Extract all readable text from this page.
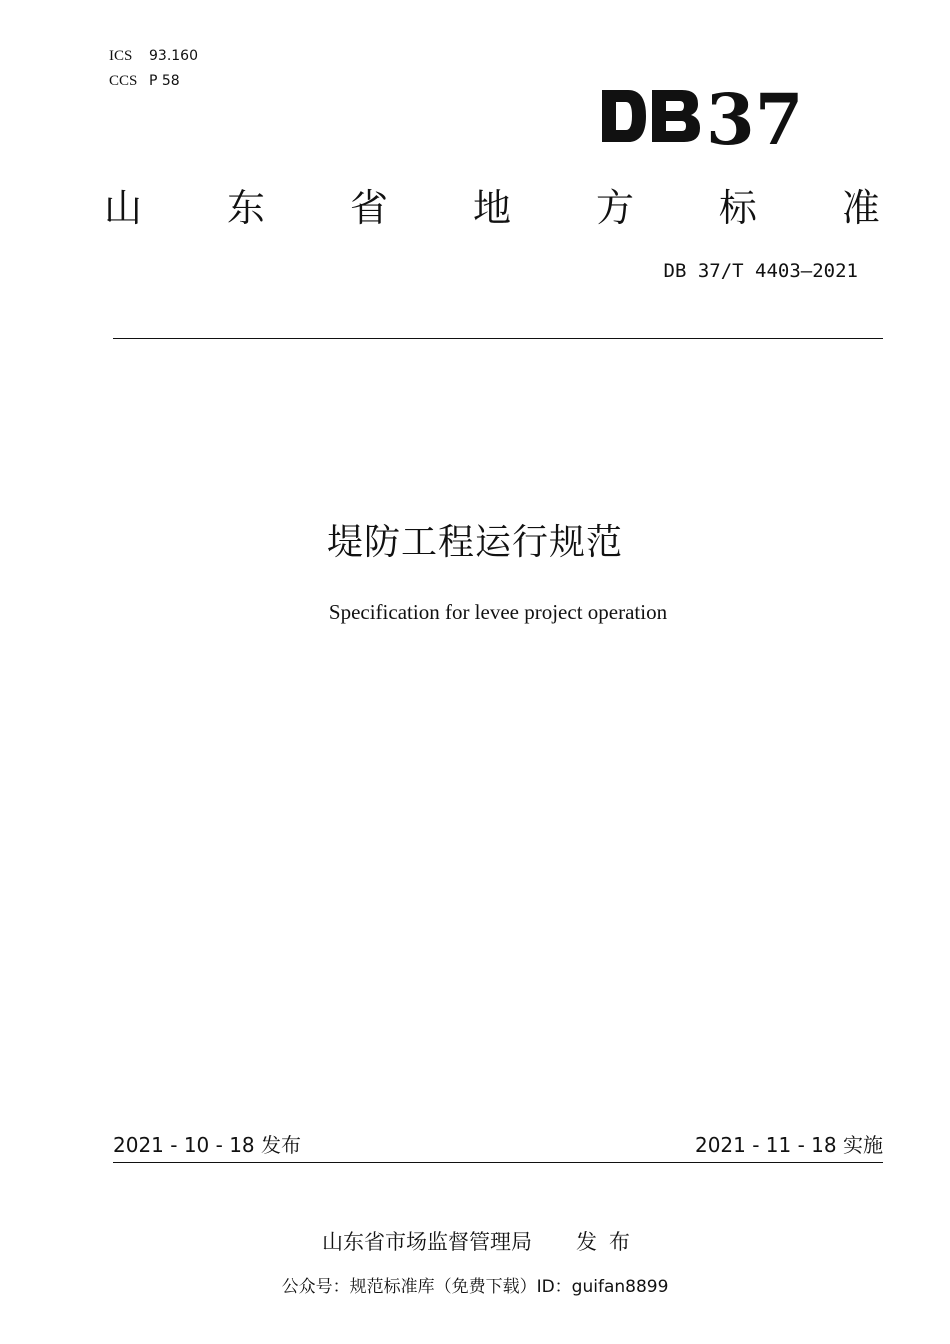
ICS 93.160
CCS P 58	37
山 东 省 地 方 标 准
DB 37/T 4403—2021
堤防工程运行规范
Specification for levee project operation
2021 - 10 - 18 发布	2021 - 11 - 18 实施
山东省市场监督管理局 发布
公众号：规范标准库（免费下载）ID：guifan8899
